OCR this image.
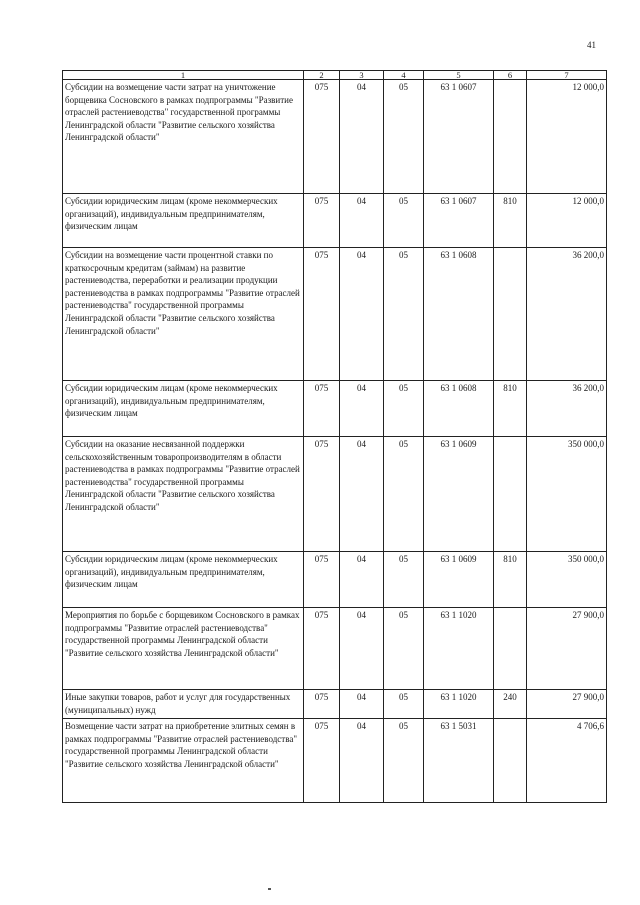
41
1	2	3	4	5	6	7
Субсидии на возмещение части затрат на уничтожение борщевика Сосновского в рамках подпрограммы "Развитие отраслей растениеводства" государственной программы Ленинградской области "Развитие сельского хозяйства Ленинградской области"	075	04	05	63 1 0607		12 000,0
Субсидии юридическим лицам (кроме некоммерческих организаций), индивидуальным предпринимателям, физическим лицам	075	04	05	63 1 0607	810	12 000,0
Субсидии на возмещение части процентной ставки по краткосрочным кредитам (займам) на развитие растениеводства, переработки и реализации продукции растениеводства в рамках подпрограммы "Развитие отраслей растениеводства" государственной программы Ленинградской области "Развитие сельского хозяйства Ленинградской области"	075	04	05	63 1 0608		36 200,0
Субсидии юридическим лицам (кроме некоммерческих организаций), индивидуальным предпринимателям, физическим лицам	075	04	05	63 1 0608	810	36 200,0
Субсидии на оказание несвязанной поддержки сельскохозяйственным товаропроизводителям в области растениеводства в рамках подпрограммы "Развитие отраслей растениеводства" государственной программы Ленинградской области "Развитие сельского хозяйства Ленинградской области"	075	04	05	63 1 0609		350 000,0
Субсидии юридическим лицам (кроме некоммерческих организаций), индивидуальным предпринимателям, физическим лицам	075	04	05	63 1 0609	810	350 000,0
Мероприятия по борьбе с борщевиком Сосновского в рамках подпрограммы "Развитие отраслей растениеводства" государственной программы Ленинградской области "Развитие сельского хозяйства Ленинградской области"	075	04	05	63 1 1020		27 900,0
Иные закупки товаров, работ и услуг для государственных (муниципальных) нужд	075	04	05	63 1 1020	240	27 900,0
Возмещение части затрат на приобретение элитных семян в рамках подпрограммы "Развитие отраслей растениеводства" государственной программы Ленинградской области "Развитие сельского хозяйства Ленинградской области"	075	04	05	63 1 5031		4 706,6
